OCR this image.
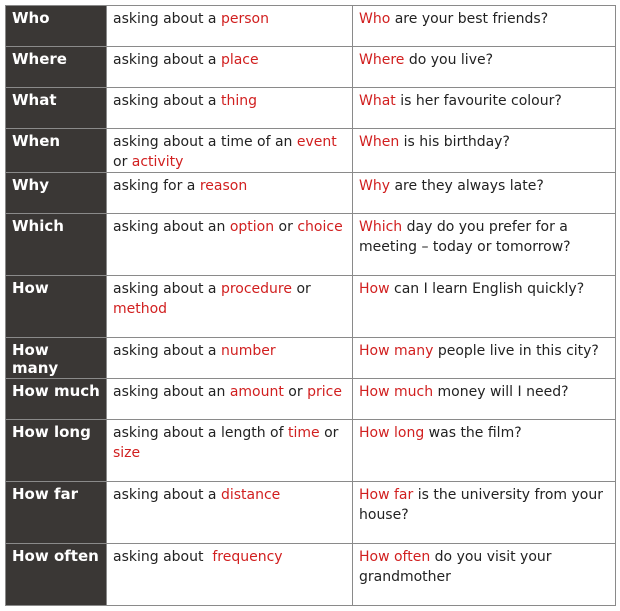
Who	asking about a person	Who are your best friends?
Where	asking about a place	Where do you live?
What	asking about a thing	What is her favourite colour?
When	asking about a time of an event or activity	When is his birthday?
Why	asking for a reason	Why are they always late?
Which	asking about an option or choice	Which day do you prefer for a meeting – today or tomorrow?
How	asking about a procedure or method	How can I learn English quickly?
How many	asking about a number	How many people live in this city?
How much	asking about an amount or price	How much money will I need?
How long	asking about a length of time or size	How long was the film?
How far	asking about a distance	How far is the university from your house?
How often	asking about  frequency	How often do you visit your grandmother
